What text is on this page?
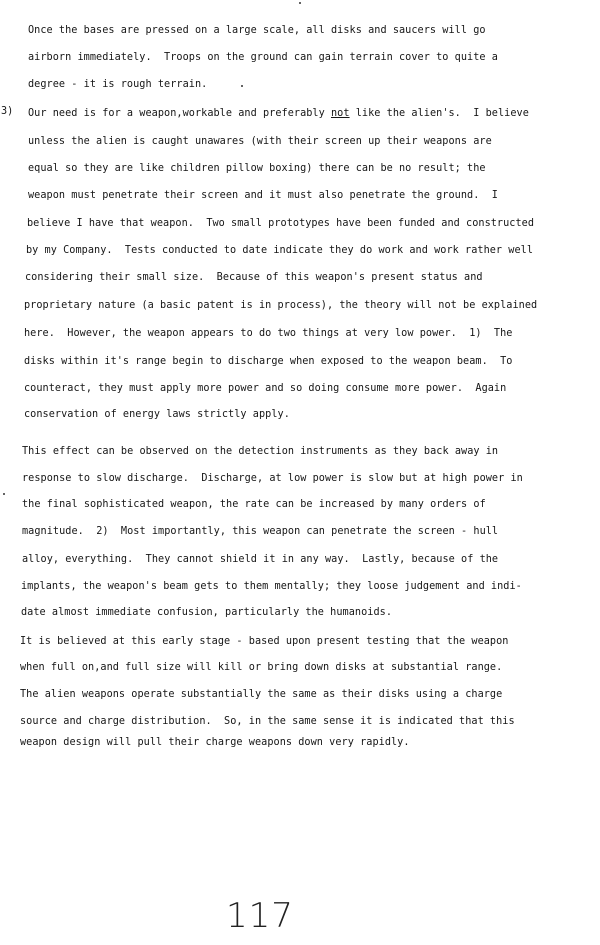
Once the bases are pressed on a large scale, all disks and saucers will go
airborn immediately.  Troops on the ground can gain terrain cover to quite a
degree - it is rough terrain.
3) Our need is for a weapon,workable and preferably not like the alien's.  I believe
unless the alien is caught unawares (with their screen up their weapons are
equal so they are like children pillow boxing) there can be no result; the
weapon must penetrate their screen and it must also penetrate the ground.  I
believe I have that weapon.  Two small prototypes have been funded and constructed
by my Company.  Tests conducted to date indicate they do work and work rather well
considering their small size.  Because of this weapon's present status and
proprietary nature (a basic patent is in process), the theory will not be explained
here.  However, the weapon appears to do two things at very low power.  1)  The
disks within it's range begin to discharge when exposed to the weapon beam.  To
counteract, they must apply more power and so doing consume more power.  Again
conservation of energy laws strictly apply.
This effect can be observed on the detection instruments as they back away in
response to slow discharge.  Discharge, at low power is slow but at high power in
the final sophisticated weapon, the rate can be increased by many orders of
magnitude.  2)  Most importantly, this weapon can penetrate the screen - hull
alloy, everything.  They cannot shield it in any way.  Lastly, because of the
implants, the weapon's beam gets to them mentally; they loose judgement and indi-
date almost immediate confusion, particularly the humanoids.
It is believed at this early stage - based upon present testing that the weapon
when full on,and full size will kill or bring down disks at substantial range.
The alien weapons operate substantially the same as their disks using a charge
source and charge distribution.  So, in the same sense it is indicated that this
weapon design will pull their charge weapons down very rapidly.
117
